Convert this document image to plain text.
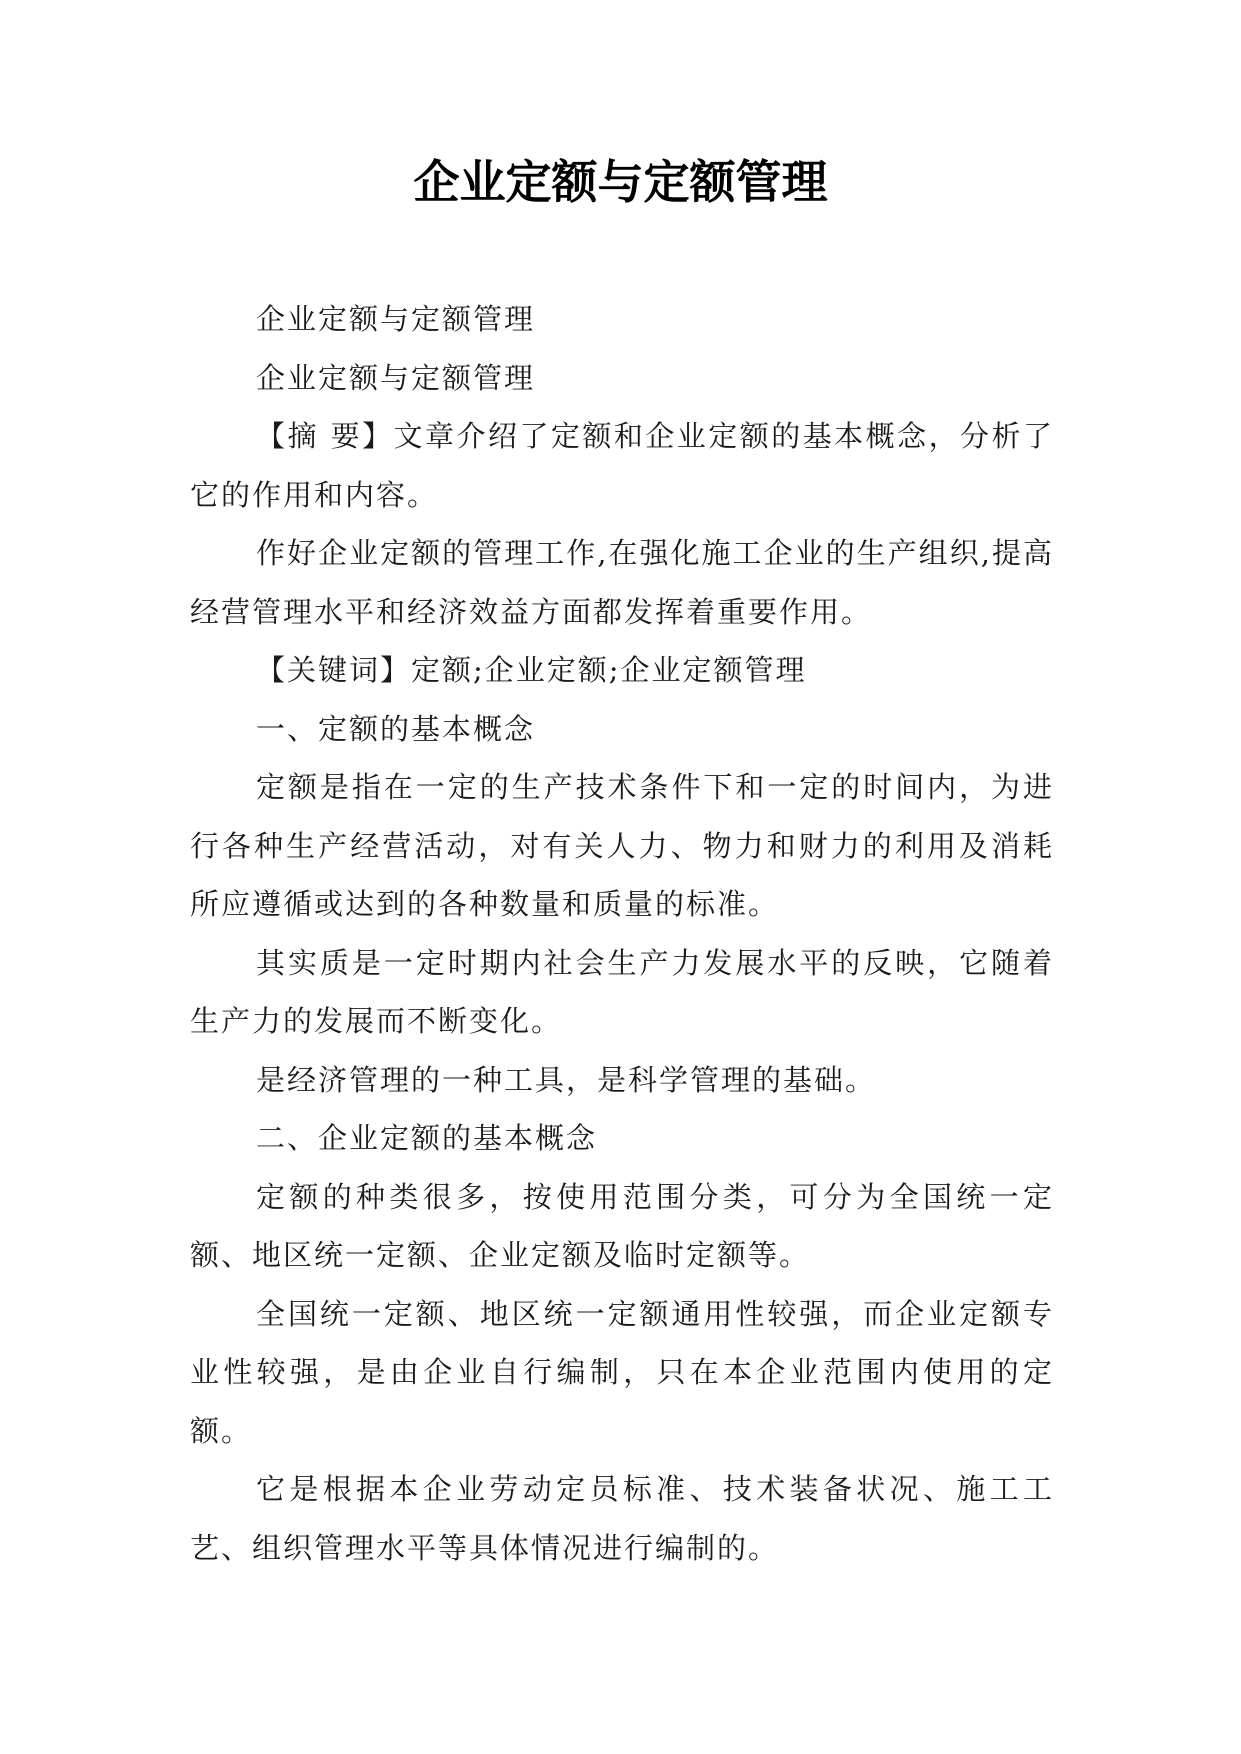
企业定额与定额管理

企业定额与定额管理

企业定额与定额管理

【摘 要】文章介绍了定额和企业定额的基本概念，分析了它的作用和内容。

作好企业定额的管理工作,在强化施工企业的生产组织,提高经营管理水平和经济效益方面都发挥着重要作用。

【关键词】定额;企业定额;企业定额管理

一、定额的基本概念

定额是指在一定的生产技术条件下和一定的时间内，为进行各种生产经营活动，对有关人力、物力和财力的利用及消耗所应遵循或达到的各种数量和质量的标准。

其实质是一定时期内社会生产力发展水平的反映，它随着生产力的发展而不断变化。

是经济管理的一种工具，是科学管理的基础。

二、企业定额的基本概念

定额的种类很多，按使用范围分类，可分为全国统一定额、地区统一定额、企业定额及临时定额等。

全国统一定额、地区统一定额通用性较强，而企业定额专业性较强，是由企业自行编制，只在本企业范围内使用的定额。

它是根据本企业劳动定员标准、技术装备状况、施工工艺、组织管理水平等具体情况进行编制的。
